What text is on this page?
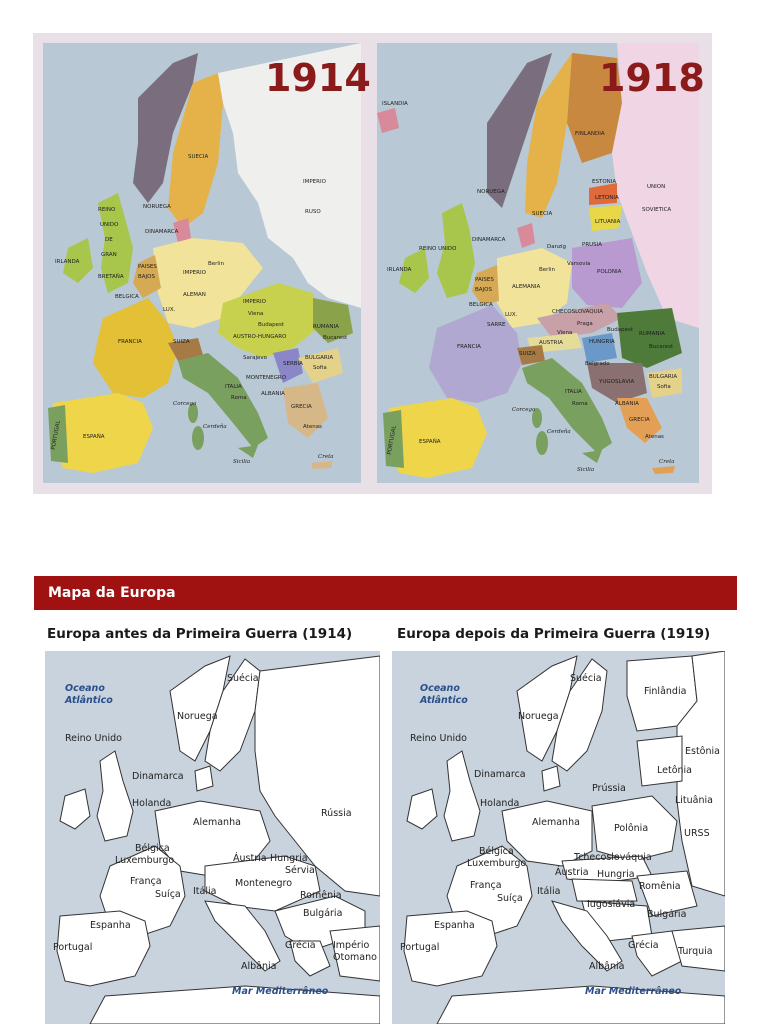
1914
SUECIA
NORUEGA
IMPERIO
RUSO
REINO
UNIDO
DE
GRAN
BRETAÑA
IRLANDA
DINAMARCA
PAISES
BAJOS
BELGICA
LUX.
IMPERIO
ALEMAN
Berlin
IMPERIO
Viena
Budapest
AUSTRO-HUNGARO
RUMANIA
Bucarest
FRANCIA	SUIZA
Sarajevo
SERBIA
MONTENEGRO
BULGARIA
Sofia
ITALIA
Roma
ALBANIA
GRECIA
Atenas
Corcega
Cerdeña
Sicilia
Creta
ESPAÑA
PORTUGAL
1918
ISLANDIA
NORUEGA
SUECIA
FINLANDIA
ESTONIA
LETONIA
LITUANIA
UNION
SOVIETICA
IRLANDA
REINO UNIDO
DINAMARCA
Danzig	PRUSIA
Varsovia
POLONIA
Berlin
ALEMANIA
PAISES
BAJOS
BELGICA
LUX.
SARRE
CHECOSLOVAQUIA
Praga
Viena
AUSTRIA	HUNGRIA
Budapest
RUMANIA
Bucarest
FRANCIA
SUIZA
Belgrado
YUGOSLAVIA
BULGARIA
Sofia
ITALIA
Roma	ALBANIA
GRECIA
Atenas
Corcega
Cerdeña
Sicilia
Creta
ESPAÑA
PORTUGAL
Mapa da Europa
Europa antes da Primeira Guerra (1914)	Europa depois da Primeira Guerra (1919)
Oceano
Atlântico
Suécia
Noruega
Reino Unido
Dinamarca
Holanda
Rússia
Alemanha
Bélgica
Luxemburgo	Áustria-Hungria
Sérvia
França
Suíça Itália
Montenegro
Romênia
Bulgária
Espanha
Portugal	Grécia Império
Otomano
Albânia
Mar Mediterrâneo
Oceano
Atlântico
Suécia
Finlândia
Noruega
Reino Unido
Estônia
Letônia
Dinamarca
Prússia
Holanda	Lituânia
Alemanha
Polônia	URSS
Bélgica
Tchecoslováquia
Luxemburgo
Áustria Hungria
França	Romênia
Suíça
Itália
Iugoslávia
Espanha
Bulgária
Portugal	Grécia
Turquia
Albânia
Mar Mediterrâneo
